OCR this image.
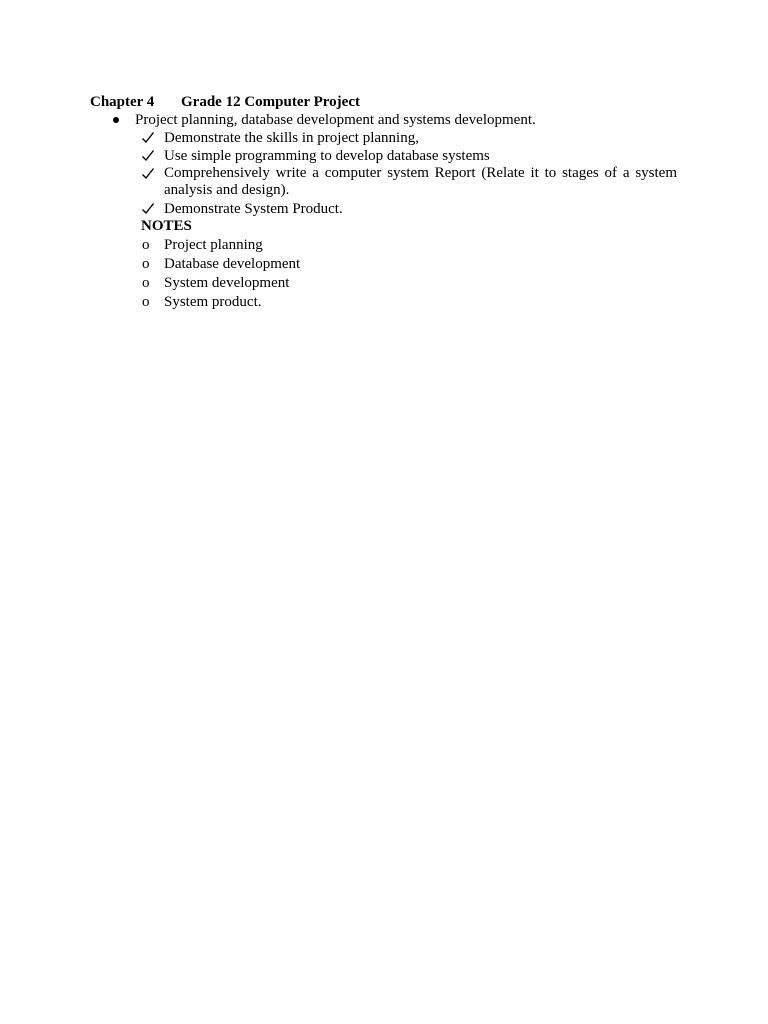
Chapter 4 Grade 12 Computer Project
Project planning, database development and systems development.
Demonstrate the skills in project planning,
Use simple programming to develop database systems
Comprehensively write a computer system Report (Relate it to stages of a system analysis and design).
Demonstrate System Product.
NOTES
o Project planning
o Database development
o System development
o System product.
